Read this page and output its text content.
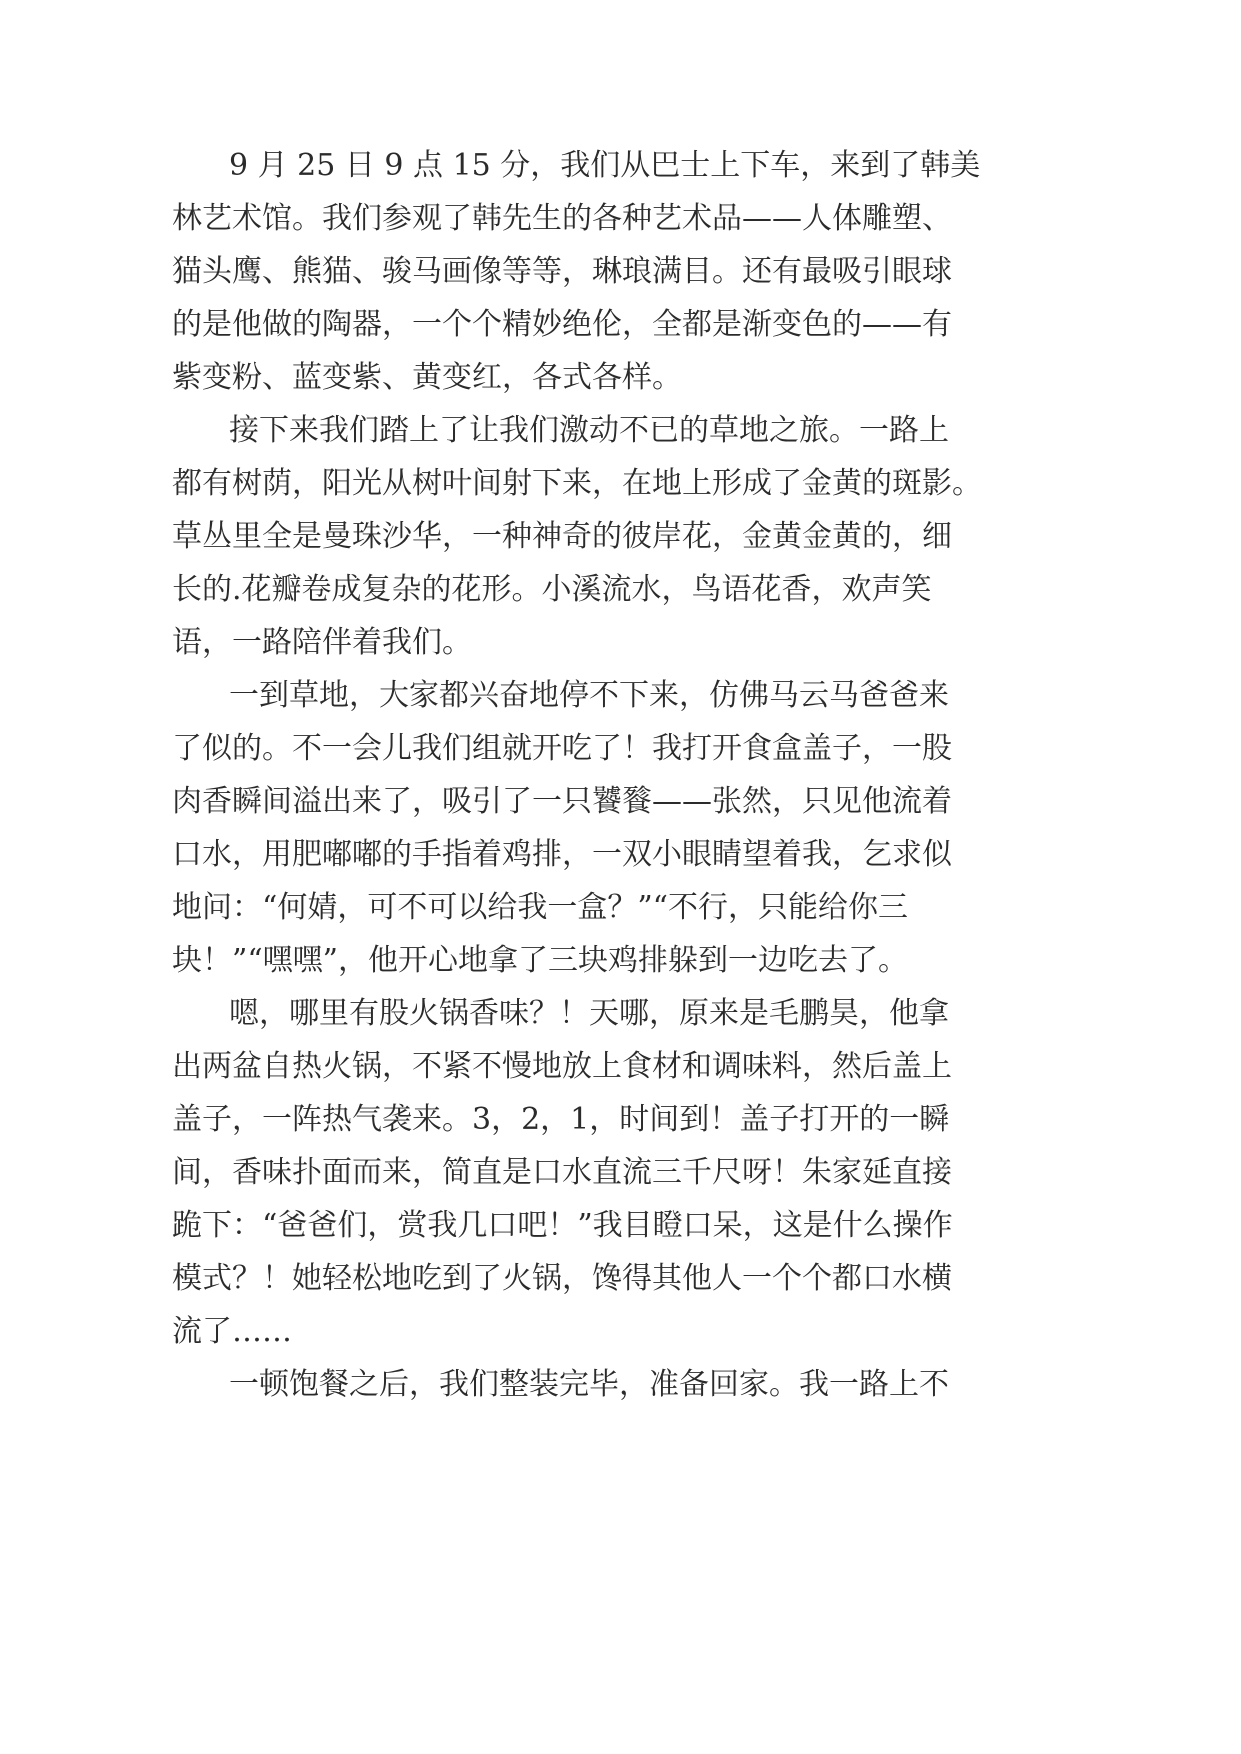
9 月 25 日 9 点 15 分，我们从巴士上下车，来到了韩美
林艺术馆。我们参观了韩先生的各种艺术品——人体雕塑、
猫头鹰、熊猫、骏马画像等等，琳琅满目。还有最吸引眼球
的是他做的陶器，一个个精妙绝伦，全都是渐变色的——有
紫变粉、蓝变紫、黄变红，各式各样。
接下来我们踏上了让我们激动不已的草地之旅。一路上
都有树荫，阳光从树叶间射下来，在地上形成了金黄的斑影。
草丛里全是曼珠沙华，一种神奇的彼岸花，金黄金黄的，细
长的.花瓣卷成复杂的花形。小溪流水，鸟语花香，欢声笑
语，一路陪伴着我们。
一到草地，大家都兴奋地停不下来，仿佛马云马爸爸来
了似的。不一会儿我们组就开吃了！我打开食盒盖子，一股
肉香瞬间溢出来了，吸引了一只饕餮——张然，只见他流着
口水，用肥嘟嘟的手指着鸡排，一双小眼睛望着我，乞求似
地问：“何婧，可不可以给我一盒？”“不行，只能给你三
块！”“嘿嘿”，他开心地拿了三块鸡排躲到一边吃去了。
嗯，哪里有股火锅香味？！天哪，原来是毛鹏昊，他拿
出两盆自热火锅，不紧不慢地放上食材和调味料，然后盖上
盖子，一阵热气袭来。3，2，1，时间到！盖子打开的一瞬
间，香味扑面而来，简直是口水直流三千尺呀！朱家延直接
跪下：“爸爸们，赏我几口吧！”我目瞪口呆，这是什么操作
模式？！她轻松地吃到了火锅，馋得其他人一个个都口水横
流了……
一顿饱餐之后，我们整装完毕，准备回家。我一路上不
